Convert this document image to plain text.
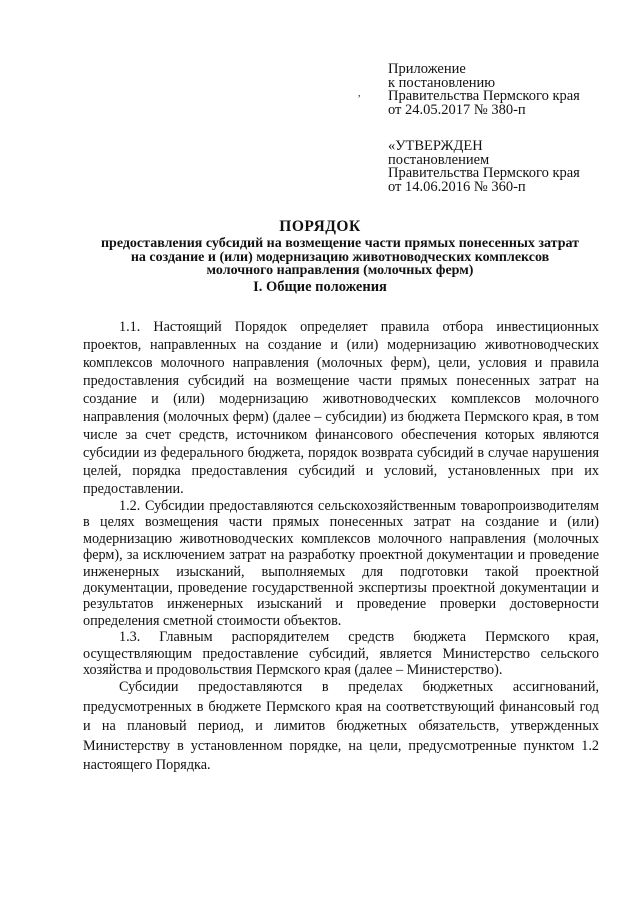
Приложение
к постановлению
Правительства Пермского края
от 24.05.2017 № 380-п
,
«УТВЕРЖДЕН
постановлением
Правительства Пермского края
от 14.06.2016 № 360-п
ПОРЯДОК
предоставления субсидий на возмещение части прямых понесенных затрат
на создание и (или) модернизацию животноводческих комплексов
молочного направления (молочных ферм)
I. Общие положения

1.1. Настоящий Порядок определяет правила отбора инвестиционных проектов, направленных на создание и (или) модернизацию животноводческих комплексов молочного направления (молочных ферм), цели, условия и правила предоставления субсидий на возмещение части прямых понесенных затрат на создание и (или) модернизацию животноводческих комплексов молочного направления (молочных ферм) (далее – субсидии) из бюджета Пермского края, в том числе за счет средств, источником финансового обеспечения которых являются субсидии из федерального бюджета, порядок возврата субсидий в случае нарушения целей, порядка предоставления субсидий и условий, установленных при их предоставлении.

1.2. Субсидии предоставляются сельскохозяйственным товаропроизводителям в целях возмещения части прямых понесенных затрат на создание и (или) модернизацию животноводческих комплексов молочного направления (молочных ферм), за исключением затрат на разработку проектной документации и проведение инженерных изысканий, выполняемых для подготовки такой проектной документации, проведение государственной экспертизы проектной документации и результатов инженерных изысканий и проведение проверки достоверности определения сметной стоимости объектов.

1.3. Главным распорядителем средств бюджета Пермского края, осуществляющим предоставление субсидий, является Министерство сельского хозяйства и продовольствия Пермского края (далее – Министерство).

Субсидии предоставляются в пределах бюджетных ассигнований, предусмотренных в бюджете Пермского края на соответствующий финансовый год и на плановый период, и лимитов бюджетных обязательств, утвержденных Министерству в установленном порядке, на цели, предусмотренные пунктом 1.2 настоящего Порядка.
